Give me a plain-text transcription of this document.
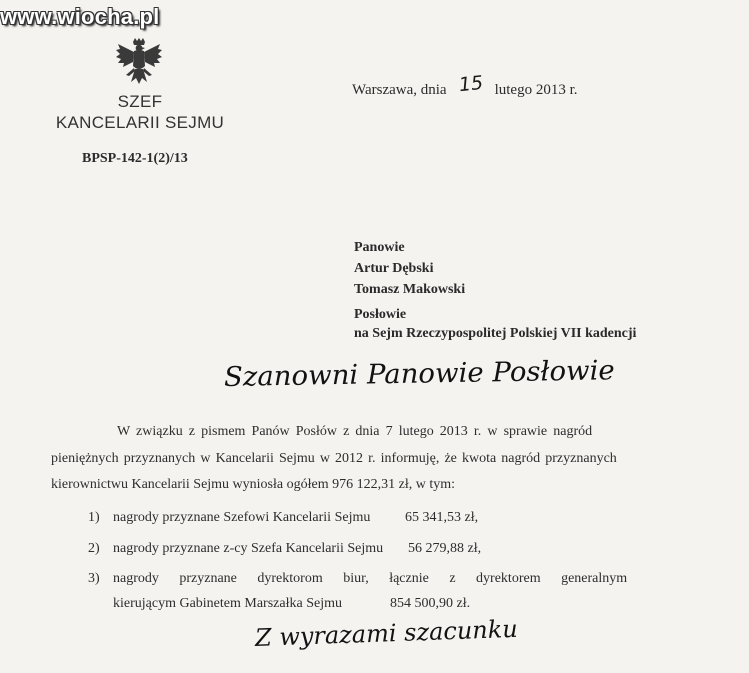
www.wiocha.pl
SZEF
KANCELARII SEJMU
BPSP-142-1(2)/13
Warszawa, dnia 15 lutego 2013 r.
Panowie
Artur Dębski
Tomasz Makowski
Posłowie
na Sejm Rzeczypospolitej Polskiej VII kadencji
Szanowni Panowie Posłowie
W związku z pismem Panów Posłów z dnia 7 lutego 2013 r. w sprawie nagród
pieniężnych przyznanych w Kancelarii Sejmu w 2012 r. informuję, że kwota nagród przyznanych
kierownictwu Kancelarii Sejmu wyniosła ogółem 976 122,31 zł, w tym:
1) nagrody przyznane Szefowi Kancelarii Sejmu 65 341,53 zł,
2) nagrody przyznane z-cy Szefa Kancelarii Sejmu 56 279,88 zł,
3) nagrody przyznane dyrektorom biur, łącznie z dyrektorem generalnym
kierującym Gabinetem Marszałka Sejmu	854 500,90 zł.
Z wyrazami szacunku
